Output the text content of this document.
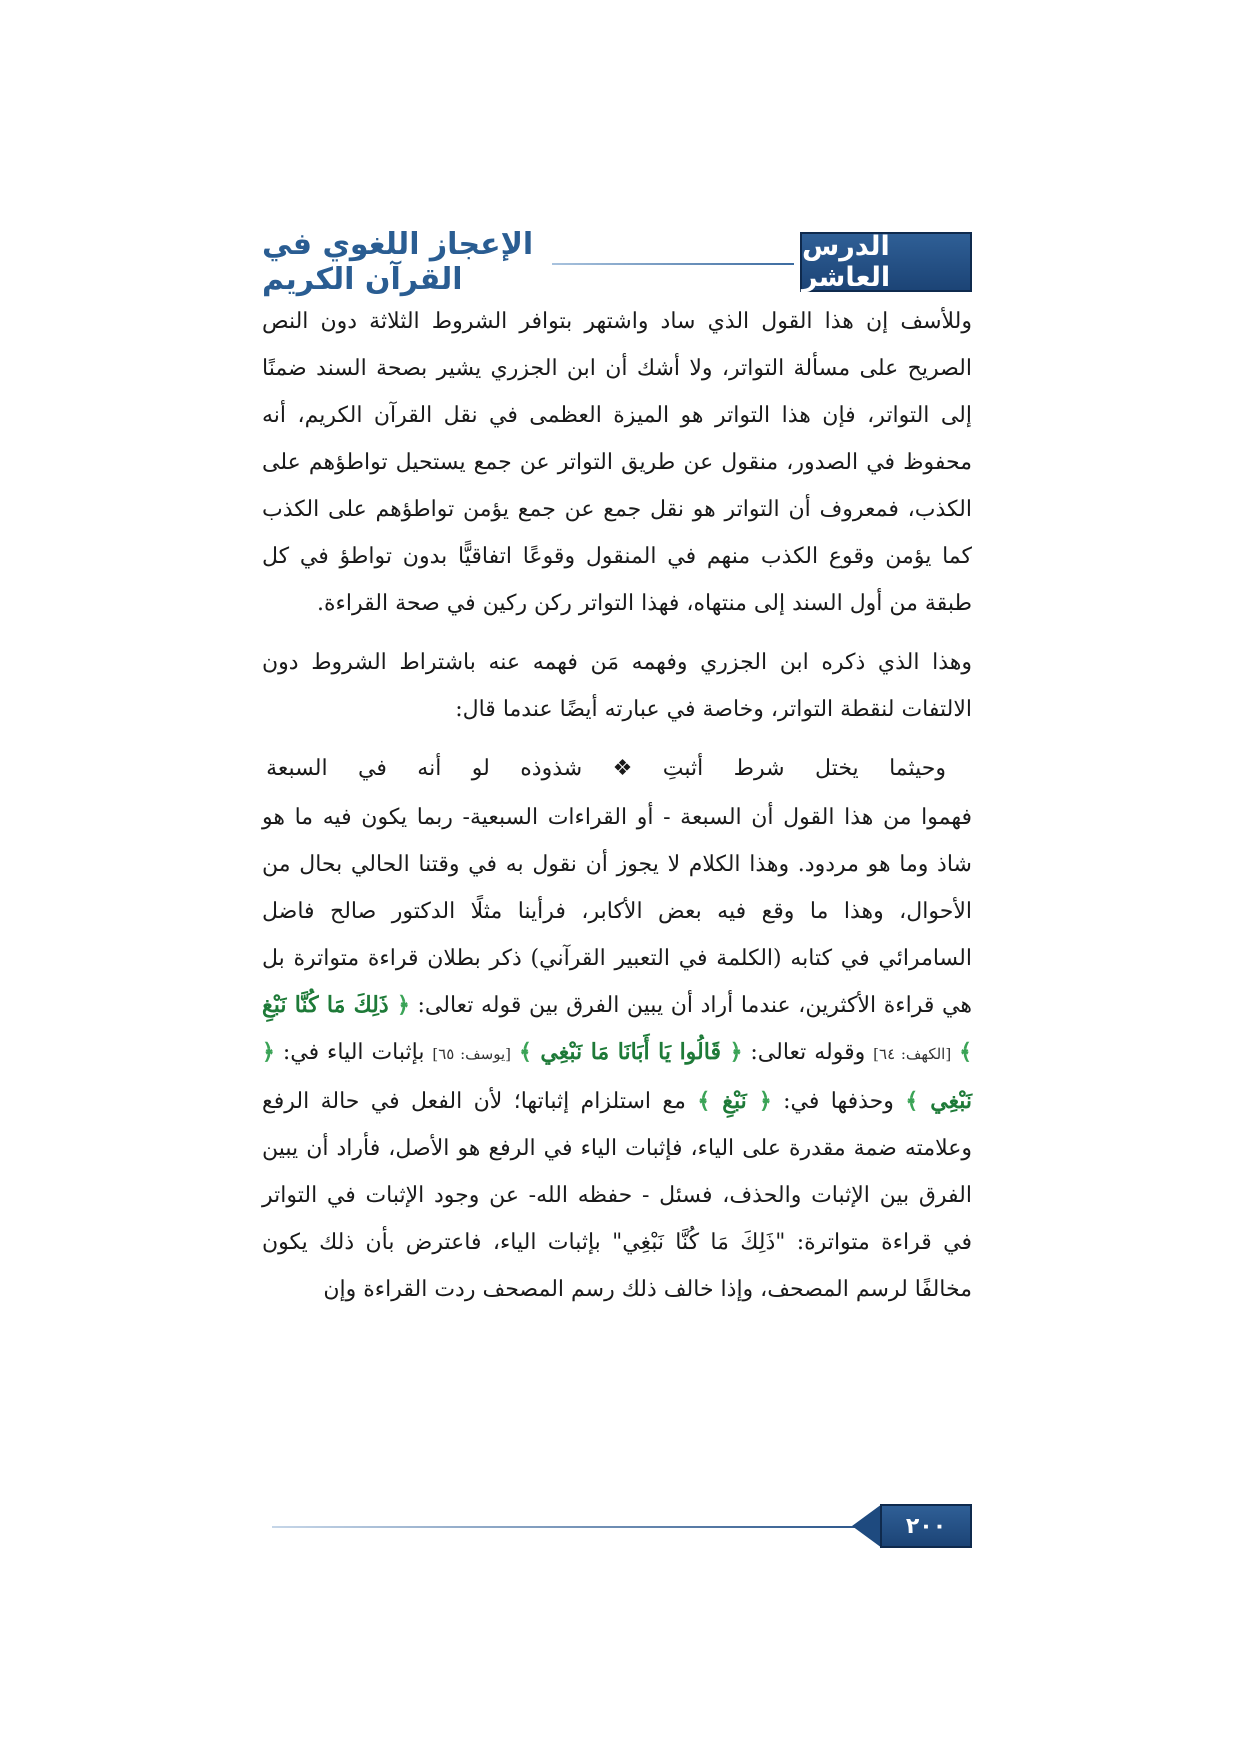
الإعجاز اللغوي في القرآن الكريم
الدرس العاشر

وللأسف إن هذا القول الذي ساد واشتهر بتوافر الشروط الثلاثة دون النص الصريح على مسألة التواتر، ولا أشك أن ابن الجزري يشير بصحة السند ضمنًا إلى التواتر، فإن هذا التواتر هو الميزة العظمى في نقل القرآن الكريم، أنه محفوظ في الصدور، منقول عن طريق التواتر عن جمع يستحيل تواطؤهم على الكذب، فمعروف أن التواتر هو نقل جمع عن جمع يؤمن تواطؤهم على الكذب كما يؤمن وقوع الكذب منهم في المنقول وقوعًا اتفاقيًّا بدون تواطؤ في كل طبقة من أول السند إلى منتهاه، فهذا التواتر ركن ركين في صحة القراءة.

وهذا الذي ذكره ابن الجزري وفهمه مَن فهمه عنه باشتراط الشروط دون الالتفات لنقطة التواتر، وخاصة في عبارته أيضًا عندما قال:

وحيثما
يختل
شرط
أثبتِ
❖
شذوذه
لو
أنه
في
السبعة

فهموا من هذا القول أن السبعة - أو القراءات السبعية- ربما يكون فيه ما هو شاذ وما هو مردود. وهذا الكلام لا يجوز أن نقول به في وقتنا الحالي بحال من الأحوال، وهذا ما وقع فيه بعض الأكابر، فرأينا مثلًا الدكتور صالح فاضل السامرائي في كتابه (الكلمة في التعبير القرآني) ذكر بطلان قراءة متواترة بل هي قراءة الأكثرين، عندما أراد أن يبين الفرق بين قوله تعالى: ﴿ ذَلِكَ مَا كُنَّا نَبْغِ ﴾ [الكهف: ٦٤] وقوله تعالى: ﴿ قَالُوا يَا أَبَانَا مَا نَبْغِي ﴾ [يوسف: ٦٥] بإثبات الياء في: ﴿ نَبْغِي ﴾ وحذفها في: ﴿ نَبْغِ ﴾ مع استلزام إثباتها؛ لأن الفعل في حالة الرفع وعلامته ضمة مقدرة على الياء، فإثبات الياء في الرفع هو الأصل، فأراد أن يبين الفرق بين الإثبات والحذف، فسئل - حفظه الله- عن وجود الإثبات في التواتر في قراءة متواترة: "ذَلِكَ مَا كُنَّا نَبْغِي" بإثبات الياء، فاعترض بأن ذلك يكون مخالفًا لرسم المصحف، وإذا خالف ذلك رسم المصحف ردت القراءة وإن

٢٠٠
